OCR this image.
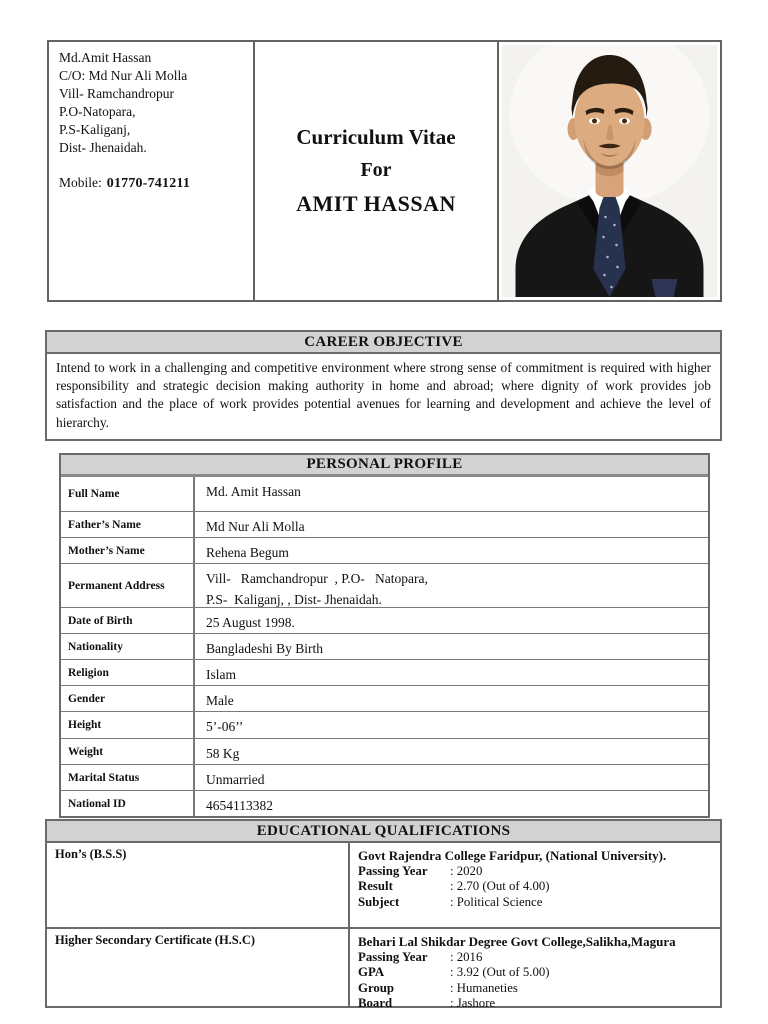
Md.Amit Hassan
C/O: Md Nur Ali Molla
Vill- Ramchandropur
P.O-Natopara,
P.S-Kaliganj,
Dist- Jhenaidah.
Mobile: 01770-741211
Curriculum Vitae
For
AMIT HASSAN
CAREER OBJECTIVE
Intend to work in a challenging and competitive environment where strong sense of commitment is required with higher responsibility and strategic decision making authority in home and abroad; where dignity of work provides job satisfaction and the place of work provides potential avenues for learning and development and achieve the level of hierarchy.
PERSONAL PROFILE
Full Name	Md. Amit Hassan
Father’s Name	Md Nur Ali Molla
Mother’s Name	Rehena Begum
Permanent Address	Vill-   Ramchandropur  , P.O-   Natopara,
P.S-  Kaliganj, , Dist- Jhenaidah.
Date of Birth	25 August 1998.
Nationality	Bangladeshi By Birth
Religion	Islam
Gender	Male
Height	5’-06’’
Weight	58 Kg
Marital Status	Unmarried
National ID	4654113382
EDUCATIONAL QUALIFICATIONS
Hon’s (B.S.S)	Govt Rajendra College Faridpur, (National University).
Passing Year	: 2020
Result	: 2.70 (Out of 4.00)
Subject	: Political Science
Higher Secondary Certificate (H.S.C)	Behari Lal Shikdar Degree Govt College,Salikha,Magura
Passing Year	: 2016
GPA	: 3.92 (Out of 5.00)
Group	: Humaneties
Board	: Jashore
